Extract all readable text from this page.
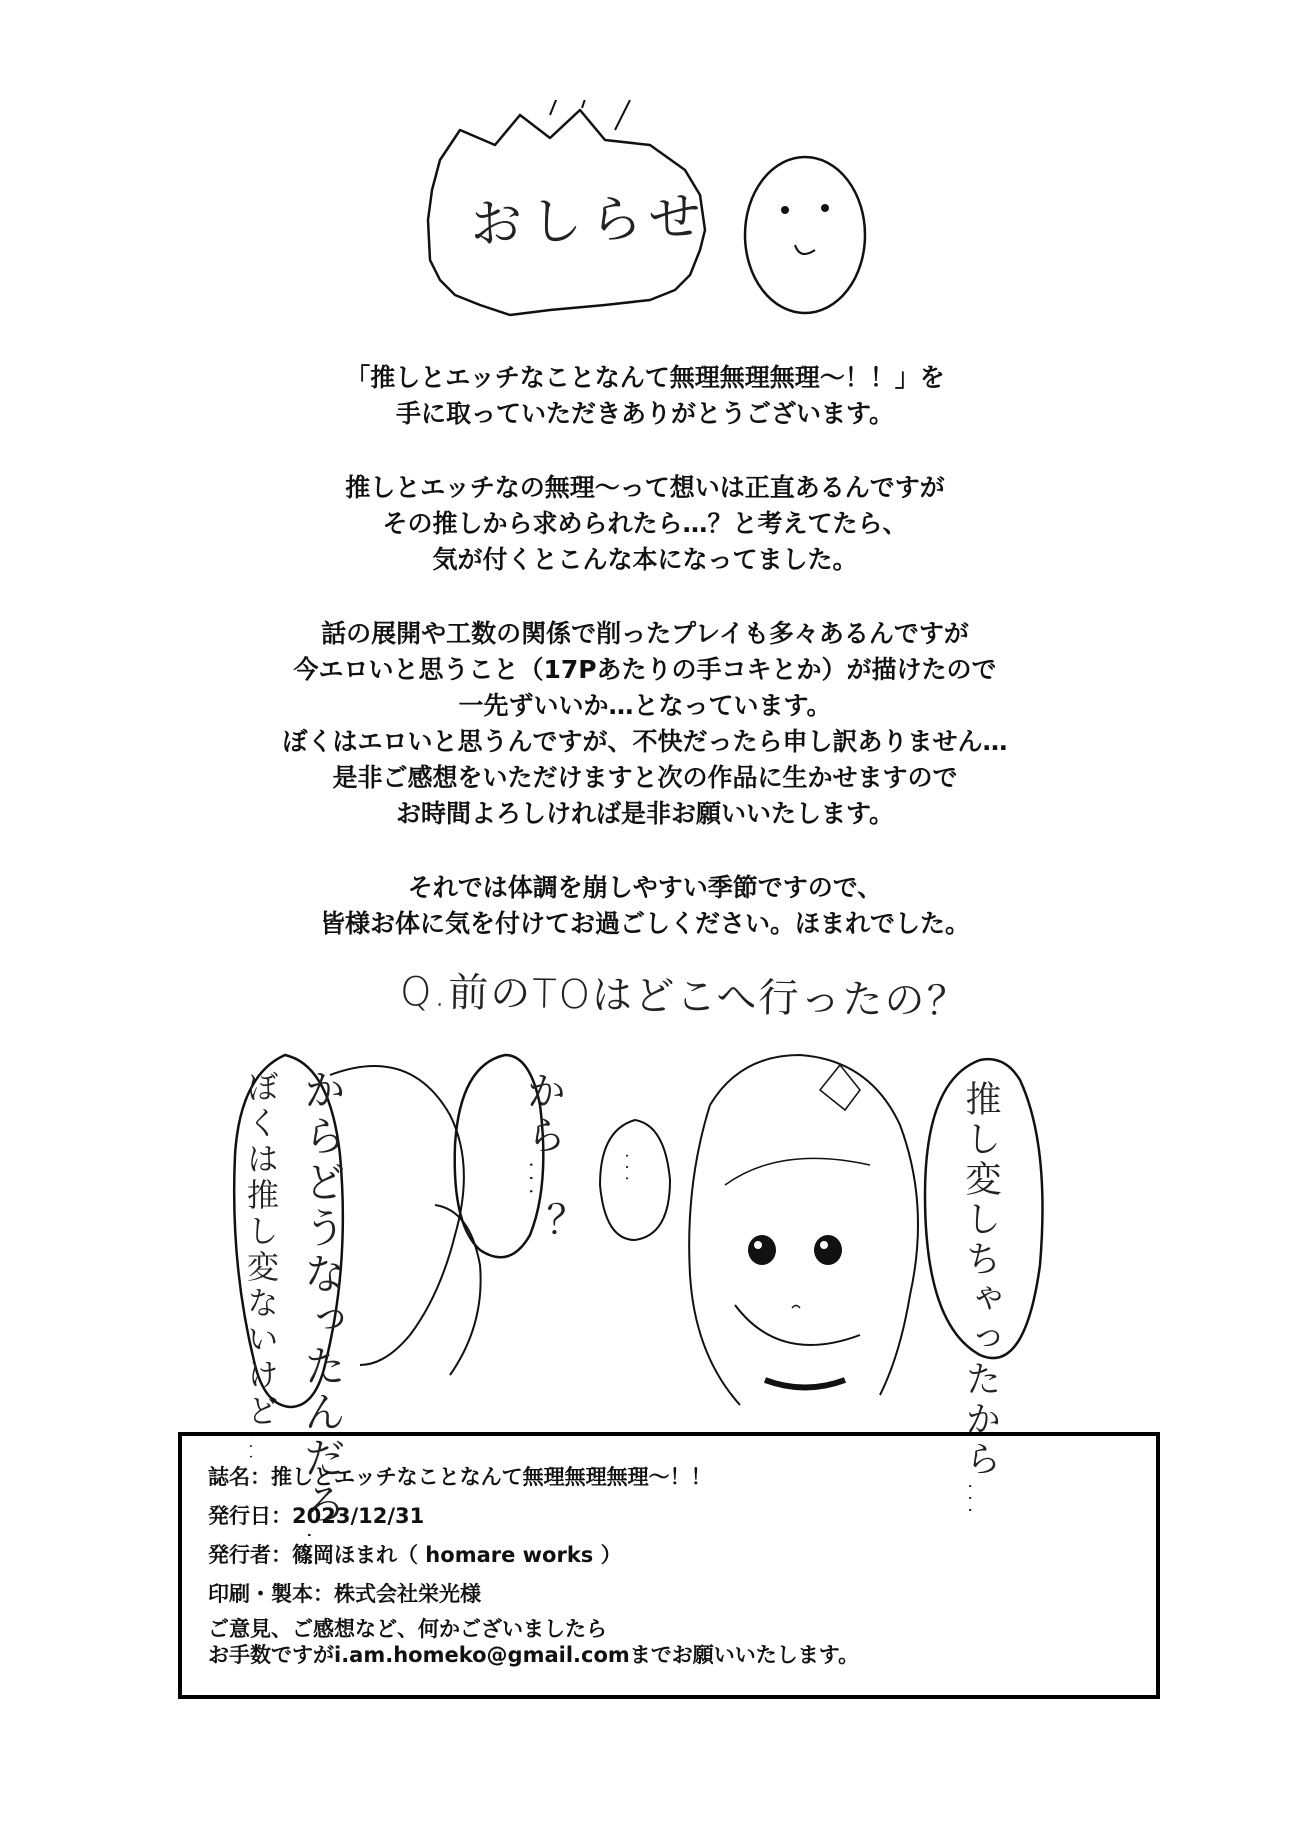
おしらせ
「推しとエッチなことなんて無理無理無理〜！！」を
手に取っていただきありがとうございます。
推しとエッチなの無理〜って想いは正直あるんですが
その推しから求められたら…？と考えてたら、
気が付くとこんな本になってました。
話の展開や工数の関係で削ったプレイも多々あるんですが
今エロいと思うこと（17Pあたりの手コキとか）が描けたので
一先ずいいか…となっています。
ぼくはエロいと思うんですが、不快だったら申し訳ありません…
是非ご感想をいただけますと次の作品に生かせますので
お時間よろしければ是非お願いいたします。
それでは体調を崩しやすい季節ですので、
皆様お体に気を付けてお過ごしください。ほまれでした。
Q.前のTOはどこへ行ったの？
ぼくは推し変ないけど… からどうなったんだろ…	から…？ …	推し変しちゃったから…
誌名：推しとエッチなことなんて無理無理無理〜！！
発行日：2023/12/31
発行者：篠岡ほまれ（ homare works ）
印刷・製本：株式会社栄光様
ご意見、ご感想など、何かございましたら
お手数ですがi.am.homeko@gmail.comまでお願いいたします。
